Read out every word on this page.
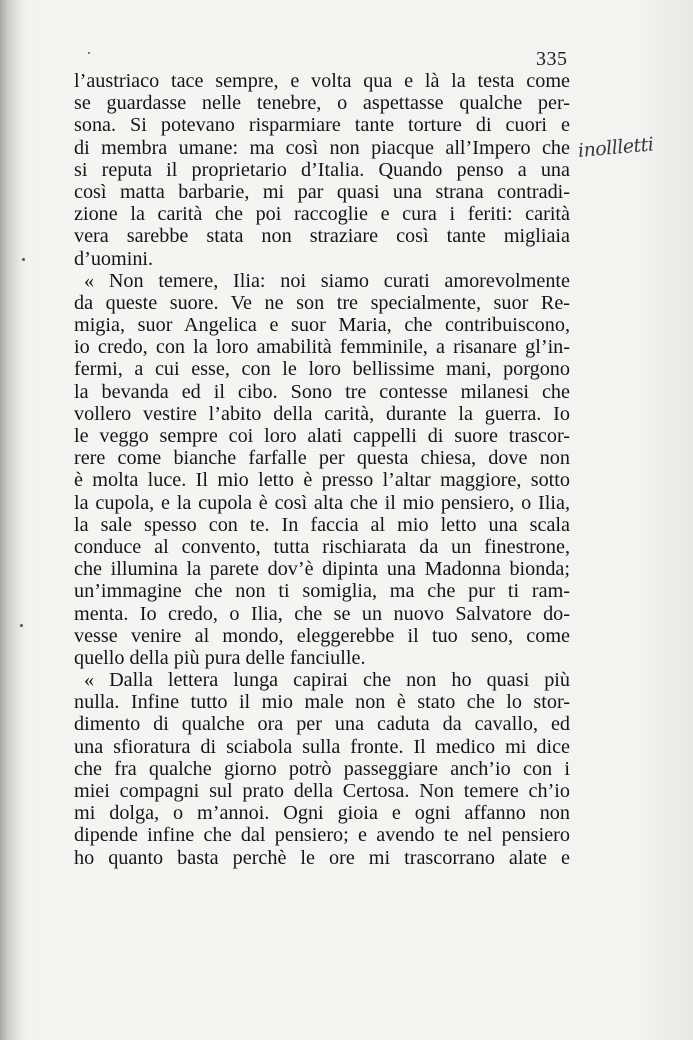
335
inollletti
l’austriaco tace sempre, e volta qua e là la testa come
se guardasse nelle tenebre, o aspettasse qualche per-
sona. Si potevano risparmiare tante torture di cuori e
di membra umane: ma così non piacque all’Impero che
si reputa il proprietario d’Italia. Quando penso a una
così matta barbarie, mi par quasi una strana contradi-
zione la carità che poi raccoglie e cura i feriti: carità
vera sarebbe stata non straziare così tante migliaia
d’uomini.
« Non temere, Ilia: noi siamo curati amorevolmente
da queste suore. Ve ne son tre specialmente, suor Re-
migia, suor Angelica e suor Maria, che contribuiscono,
io credo, con la loro amabilità femminile, a risanare gl’in-
fermi, a cui esse, con le loro bellissime mani, porgono
la bevanda ed il cibo. Sono tre contesse milanesi che
vollero vestire l’abito della carità, durante la guerra. Io
le veggo sempre coi loro alati cappelli di suore trascor-
rere come bianche farfalle per questa chiesa, dove non
è molta luce. Il mio letto è presso l’altar maggiore, sotto
la cupola, e la cupola è così alta che il mio pensiero, o Ilia,
la sale spesso con te. In faccia al mio letto una scala
conduce al convento, tutta rischiarata da un finestrone,
che illumina la parete dov’è dipinta una Madonna bionda;
un’immagine che non ti somiglia, ma che pur ti ram-
menta. Io credo, o Ilia, che se un nuovo Salvatore do-
vesse venire al mondo, eleggerebbe il tuo seno, come
quello della più pura delle fanciulle.
« Dalla lettera lunga capirai che non ho quasi più
nulla. Infine tutto il mio male non è stato che lo stor-
dimento di qualche ora per una caduta da cavallo, ed
una sfioratura di sciabola sulla fronte. Il medico mi dice
che fra qualche giorno potrò passeggiare anch’io con i
miei compagni sul prato della Certosa. Non temere ch’io
mi dolga, o m’annoi. Ogni gioia e ogni affanno non
dipende infine che dal pensiero; e avendo te nel pensiero
ho quanto basta perchè le ore mi trascorrano alate e
